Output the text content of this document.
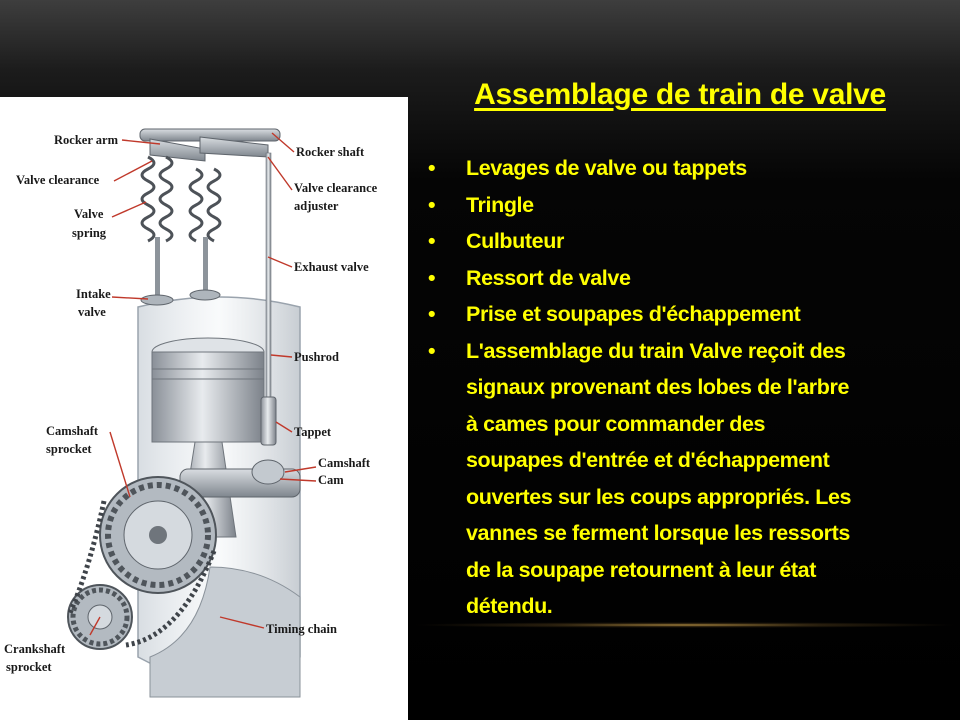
Rocker arm
Valve clearance
Valve
spring
Intake
valve
Camshaft
sprocket
Crankshaft
sprocket
Rocker shaft
Valve clearance
adjuster
Exhaust valve
Pushrod
Tappet
Camshaft
Cam
Timing chain
Assemblage de train de valve
• Levages de valve ou tappets
• Tringle
• Culbuteur
• Ressort de valve
• Prise et soupapes d'échappement
• L'assemblage du train Valve reçoit des
signaux provenant des lobes de l'arbre
à cames pour commander des
soupapes d'entrée et d'échappement
ouvertes sur les coups appropriés. Les
vannes se ferment lorsque les ressorts
de la soupape retournent à leur état
détendu.
